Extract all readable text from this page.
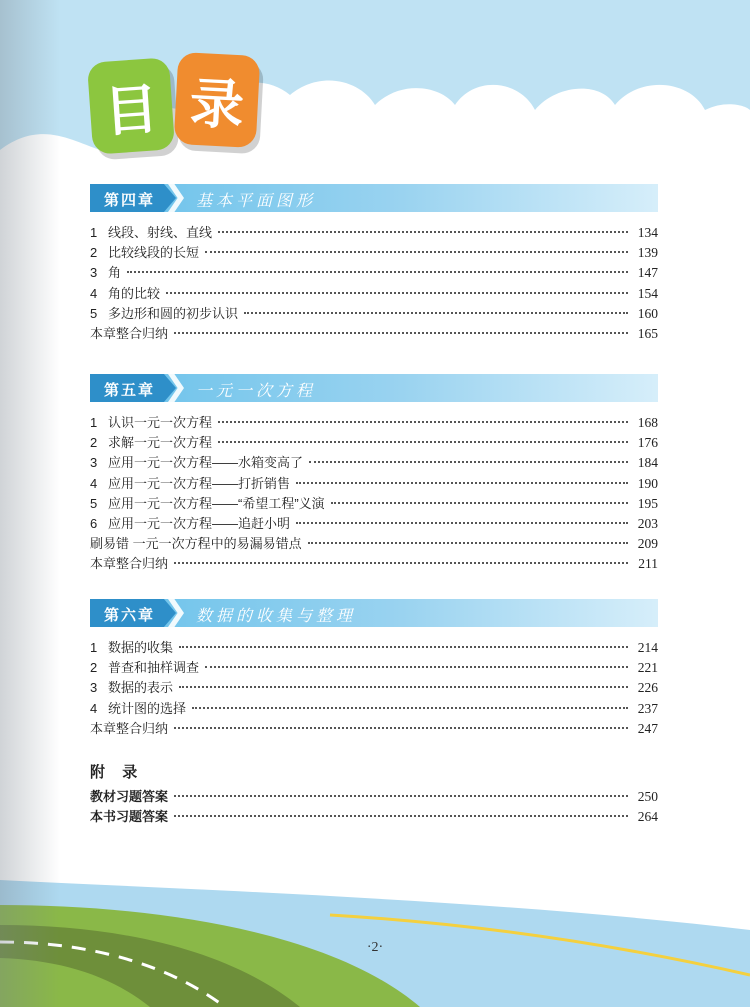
目 录
第四章	基本平面图形
1 线段、射线、直线	134
2 比较线段的长短	139
3 角	147
4 角的比较	154
5 多边形和圆的初步认识	160
本章整合归纳	165
第五章	一元一次方程
1 认识一元一次方程	168
2 求解一元一次方程	176
3 应用一元一次方程——水箱变高了	184
4 应用一元一次方程——打折销售	190
5 应用一元一次方程——“希望工程”义演	195
6 应用一元一次方程——追赶小明	203
刷易错 一元一次方程中的易漏易错点	209
本章整合归纳	211
第六章	数据的收集与整理
1 数据的收集	214
2 普查和抽样调查	221
3 数据的表示	226
4 统计图的选择	237
本章整合归纳	247
附 录
教材习题答案	250
本书习题答案	264
·2·
